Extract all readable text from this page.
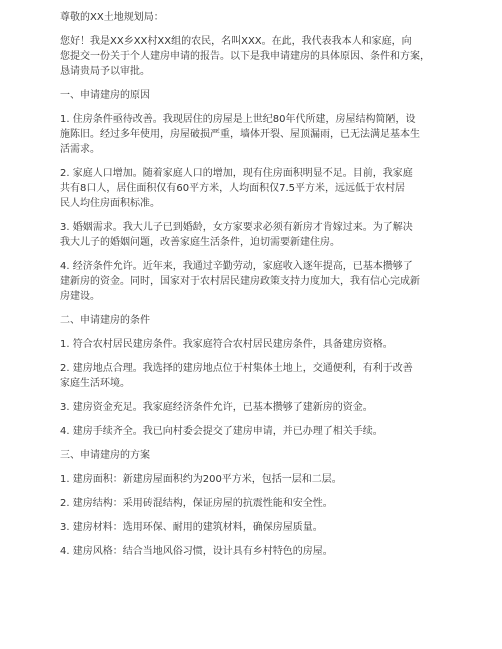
尊敬的XX土地规划局：

您好！我是XX乡XX村XX组的农民，名叫XXX。在此，我代表我本人和家庭，向

您提交一份关于个人建房申请的报告。以下是我申请建房的具体原因、条件和方案，

恳请贵局予以审批。

一、申请建房的原因

1. 住房条件亟待改善。我现居住的房屋是上世纪80年代所建，房屋结构简陋，设

施陈旧。经过多年使用，房屋破损严重，墙体开裂、屋顶漏雨，已无法满足基本生

活需求。

2. 家庭人口增加。随着家庭人口的增加，现有住房面积明显不足。目前，我家庭

共有8口人，居住面积仅有60平方米，人均面积仅7.5平方米，远远低于农村居

民人均住房面积标准。

3. 婚姻需求。我大儿子已到婚龄，女方家要求必须有新房才肯嫁过来。为了解决

我大儿子的婚姻问题，改善家庭生活条件，迫切需要新建住房。

4. 经济条件允许。近年来，我通过辛勤劳动，家庭收入逐年提高，已基本攒够了

建新房的资金。同时，国家对于农村居民建房政策支持力度加大，我有信心完成新

房建设。

二、申请建房的条件

1. 符合农村居民建房条件。我家庭符合农村居民建房条件，具备建房资格。

2. 建房地点合理。我选择的建房地点位于村集体土地上，交通便利，有利于改善

家庭生活环境。

3. 建房资金充足。我家庭经济条件允许，已基本攒够了建新房的资金。

4. 建房手续齐全。我已向村委会提交了建房申请，并已办理了相关手续。

三、申请建房的方案

1. 建房面积：新建房屋面积约为200平方米，包括一层和二层。

2. 建房结构：采用砖混结构，保证房屋的抗震性能和安全性。

3. 建房材料：选用环保、耐用的建筑材料，确保房屋质量。

4. 建房风格：结合当地风俗习惯，设计具有乡村特色的房屋。
